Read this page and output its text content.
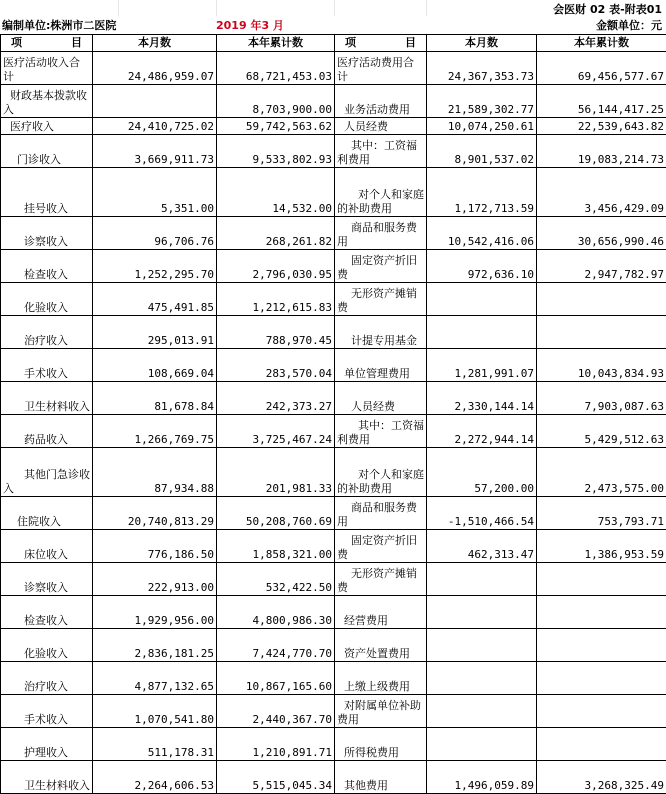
会医财 02 表-附表01
编制单位:株洲市二医院	2019 年3 月	金额单位：元
项 目	本月数	本年累计数	项 目	本月数	本年累计数
医疗活动收入合计	24,486,959.07	68,721,453.03	医疗活动费用合计	24,367,353.73	69,456,577.67
财政基本拨款收入		8,703,900.00	业务活动费用	21,589,302.77	56,144,417.25
医疗收入	24,410,725.02	59,742,563.62	人员经费	10,074,250.61	22,539,643.82
门诊收入	3,669,911.73	9,533,802.93	其中：工资福利费用	8,901,537.02	19,083,214.73
挂号收入	5,351.00	14,532.00	对个人和家庭的补助费用	1,172,713.59	3,456,429.09
诊察收入	96,706.76	268,261.82	商品和服务费用	10,542,416.06	30,656,990.46
检查收入	1,252,295.70	2,796,030.95	固定资产折旧费	972,636.10	2,947,782.97
化验收入	475,491.85	1,212,615.83	无形资产摊销费		
治疗收入	295,013.91	788,970.45	计提专用基金		
手术收入	108,669.04	283,570.04	单位管理费用	1,281,991.07	10,043,834.93
卫生材料收入	81,678.84	242,373.27	人员经费	2,330,144.14	7,903,087.63
药品收入	1,266,769.75	3,725,467.24	其中：工资福利费用	2,272,944.14	5,429,512.63
其他门急诊收入	87,934.88	201,981.33	对个人和家庭的补助费用	57,200.00	2,473,575.00
住院收入	20,740,813.29	50,208,760.69	商品和服务费用	-1,510,466.54	753,793.71
床位收入	776,186.50	1,858,321.00	固定资产折旧费	462,313.47	1,386,953.59
诊察收入	222,913.00	532,422.50	无形资产摊销费		
检查收入	1,929,956.00	4,800,986.30	经营费用		
化验收入	2,836,181.25	7,424,770.70	资产处置费用		
治疗收入	4,877,132.65	10,867,165.60	上缴上级费用		
手术收入	1,070,541.80	2,440,367.70	对附属单位补助费用		
护理收入	511,178.31	1,210,891.71	所得税费用		
卫生材料收入	2,264,606.53	5,515,045.34	其他费用	1,496,059.89	3,268,325.49
